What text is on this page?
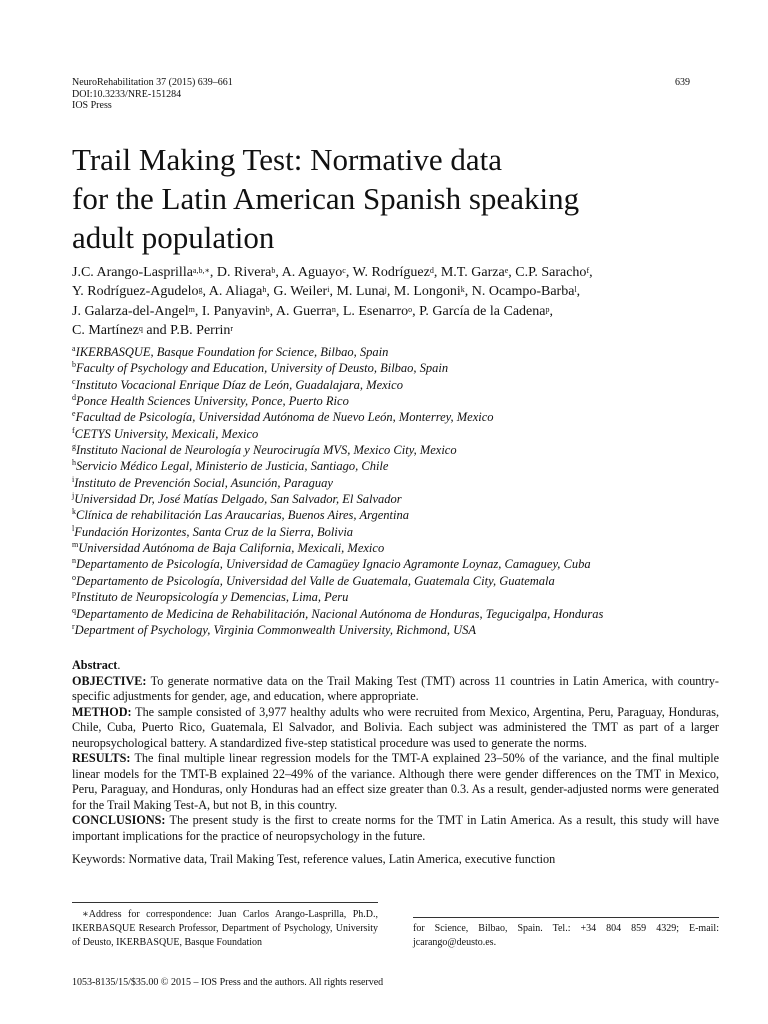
NeuroRehabilitation 37 (2015) 639–661
DOI:10.3233/NRE-151284
IOS Press
639
Trail Making Test: Normative data
for the Latin American Spanish speaking
adult population
J.C. Arango-Lasprilla$^{a,b,∗}$, D. Rivera$^b$, A. Aguayo$^c$, W. Rodríguez$^d$, M.T. Garza$^e$, C.P. Saracho$^f$,
Y. Rodríguez-Agudelo$^g$, A. Aliaga$^h$, G. Weiler$^i$, M. Luna$^j$, M. Longoni$^k$, N. Ocampo-Barba$^l$,
J. Galarza-del-Angel$^m$, I. Panyavin$^b$, A. Guerra$^n$, L. Esenarro$^o$, P. García de la Cadena$^p$,
C. Martínez$^q$ and P.B. Perrin$^r$
$^a$IKERBASQUE, Basque Foundation for Science, Bilbao, Spain
$^b$Faculty of Psychology and Education, University of Deusto, Bilbao, Spain
$^c$Instituto Vocacional Enrique Díaz de León, Guadalajara, Mexico
$^d$Ponce Health Sciences University, Ponce, Puerto Rico
$^e$Facultad de Psicología, Universidad Autónoma de Nuevo León, Monterrey, Mexico
$^f$CETYS University, Mexicali, Mexico
$^g$Instituto Nacional de Neurología y Neurocirugía MVS, Mexico City, Mexico
$^h$Servicio Médico Legal, Ministerio de Justicia, Santiago, Chile
$^i$Instituto de Prevención Social, Asunción, Paraguay
$^j$Universidad Dr, José Matías Delgado, San Salvador, El Salvador
$^k$Clínica de rehabilitación Las Araucarias, Buenos Aires, Argentina
$^l$Fundación Horizontes, Santa Cruz de la Sierra, Bolivia
$^m$Universidad Autónoma de Baja California, Mexicali, Mexico
$^n$Departamento de Psicología, Universidad de Camagüey Ignacio Agramonte Loynaz, Camaguey, Cuba
$^o$Departamento de Psicología, Universidad del Valle de Guatemala, Guatemala City, Guatemala
$^p$Instituto de Neuropsicología y Demencias, Lima, Peru
$^q$Departamento de Medicina de Rehabilitación, Nacional Autónoma de Honduras, Tegucigalpa, Honduras
$^r$Department of Psychology, Virginia Commonwealth University, Richmond, USA
Abstract.
OBJECTIVE: To generate normative data on the Trail Making Test (TMT) across 11 countries in Latin America, with country-specific adjustments for gender, age, and education, where appropriate.
METHOD: The sample consisted of 3,977 healthy adults who were recruited from Mexico, Argentina, Peru, Paraguay, Honduras, Chile, Cuba, Puerto Rico, Guatemala, El Salvador, and Bolivia. Each subject was administered the TMT as part of a larger neuropsychological battery. A standardized five-step statistical procedure was used to generate the norms.
RESULTS: The final multiple linear regression models for the TMT-A explained 23–50% of the variance, and the final multiple linear models for the TMT-B explained 22–49% of the variance. Although there were gender differences on the TMT in Mexico, Peru, Paraguay, and Honduras, only Honduras had an effect size greater than 0.3. As a result, gender-adjusted norms were generated for the Trail Making Test-A, but not B, in this country.
CONCLUSIONS: The present study is the first to create norms for the TMT in Latin America. As a result, this study will have important implications for the practice of neuropsychology in the future.
Keywords: Normative data, Trail Making Test, reference values, Latin America, executive function
∗Address for correspondence: Juan Carlos Arango-Lasprilla, Ph.D., IKERBASQUE Research Professor, Department of Psychology, University of Deusto, IKERBASQUE, Basque Foundation
for Science, Bilbao, Spain. Tel.: +34 804 859 4329; E-mail: jcarango@deusto.es.
1053-8135/15/$35.00 © 2015 – IOS Press and the authors. All rights reserved
